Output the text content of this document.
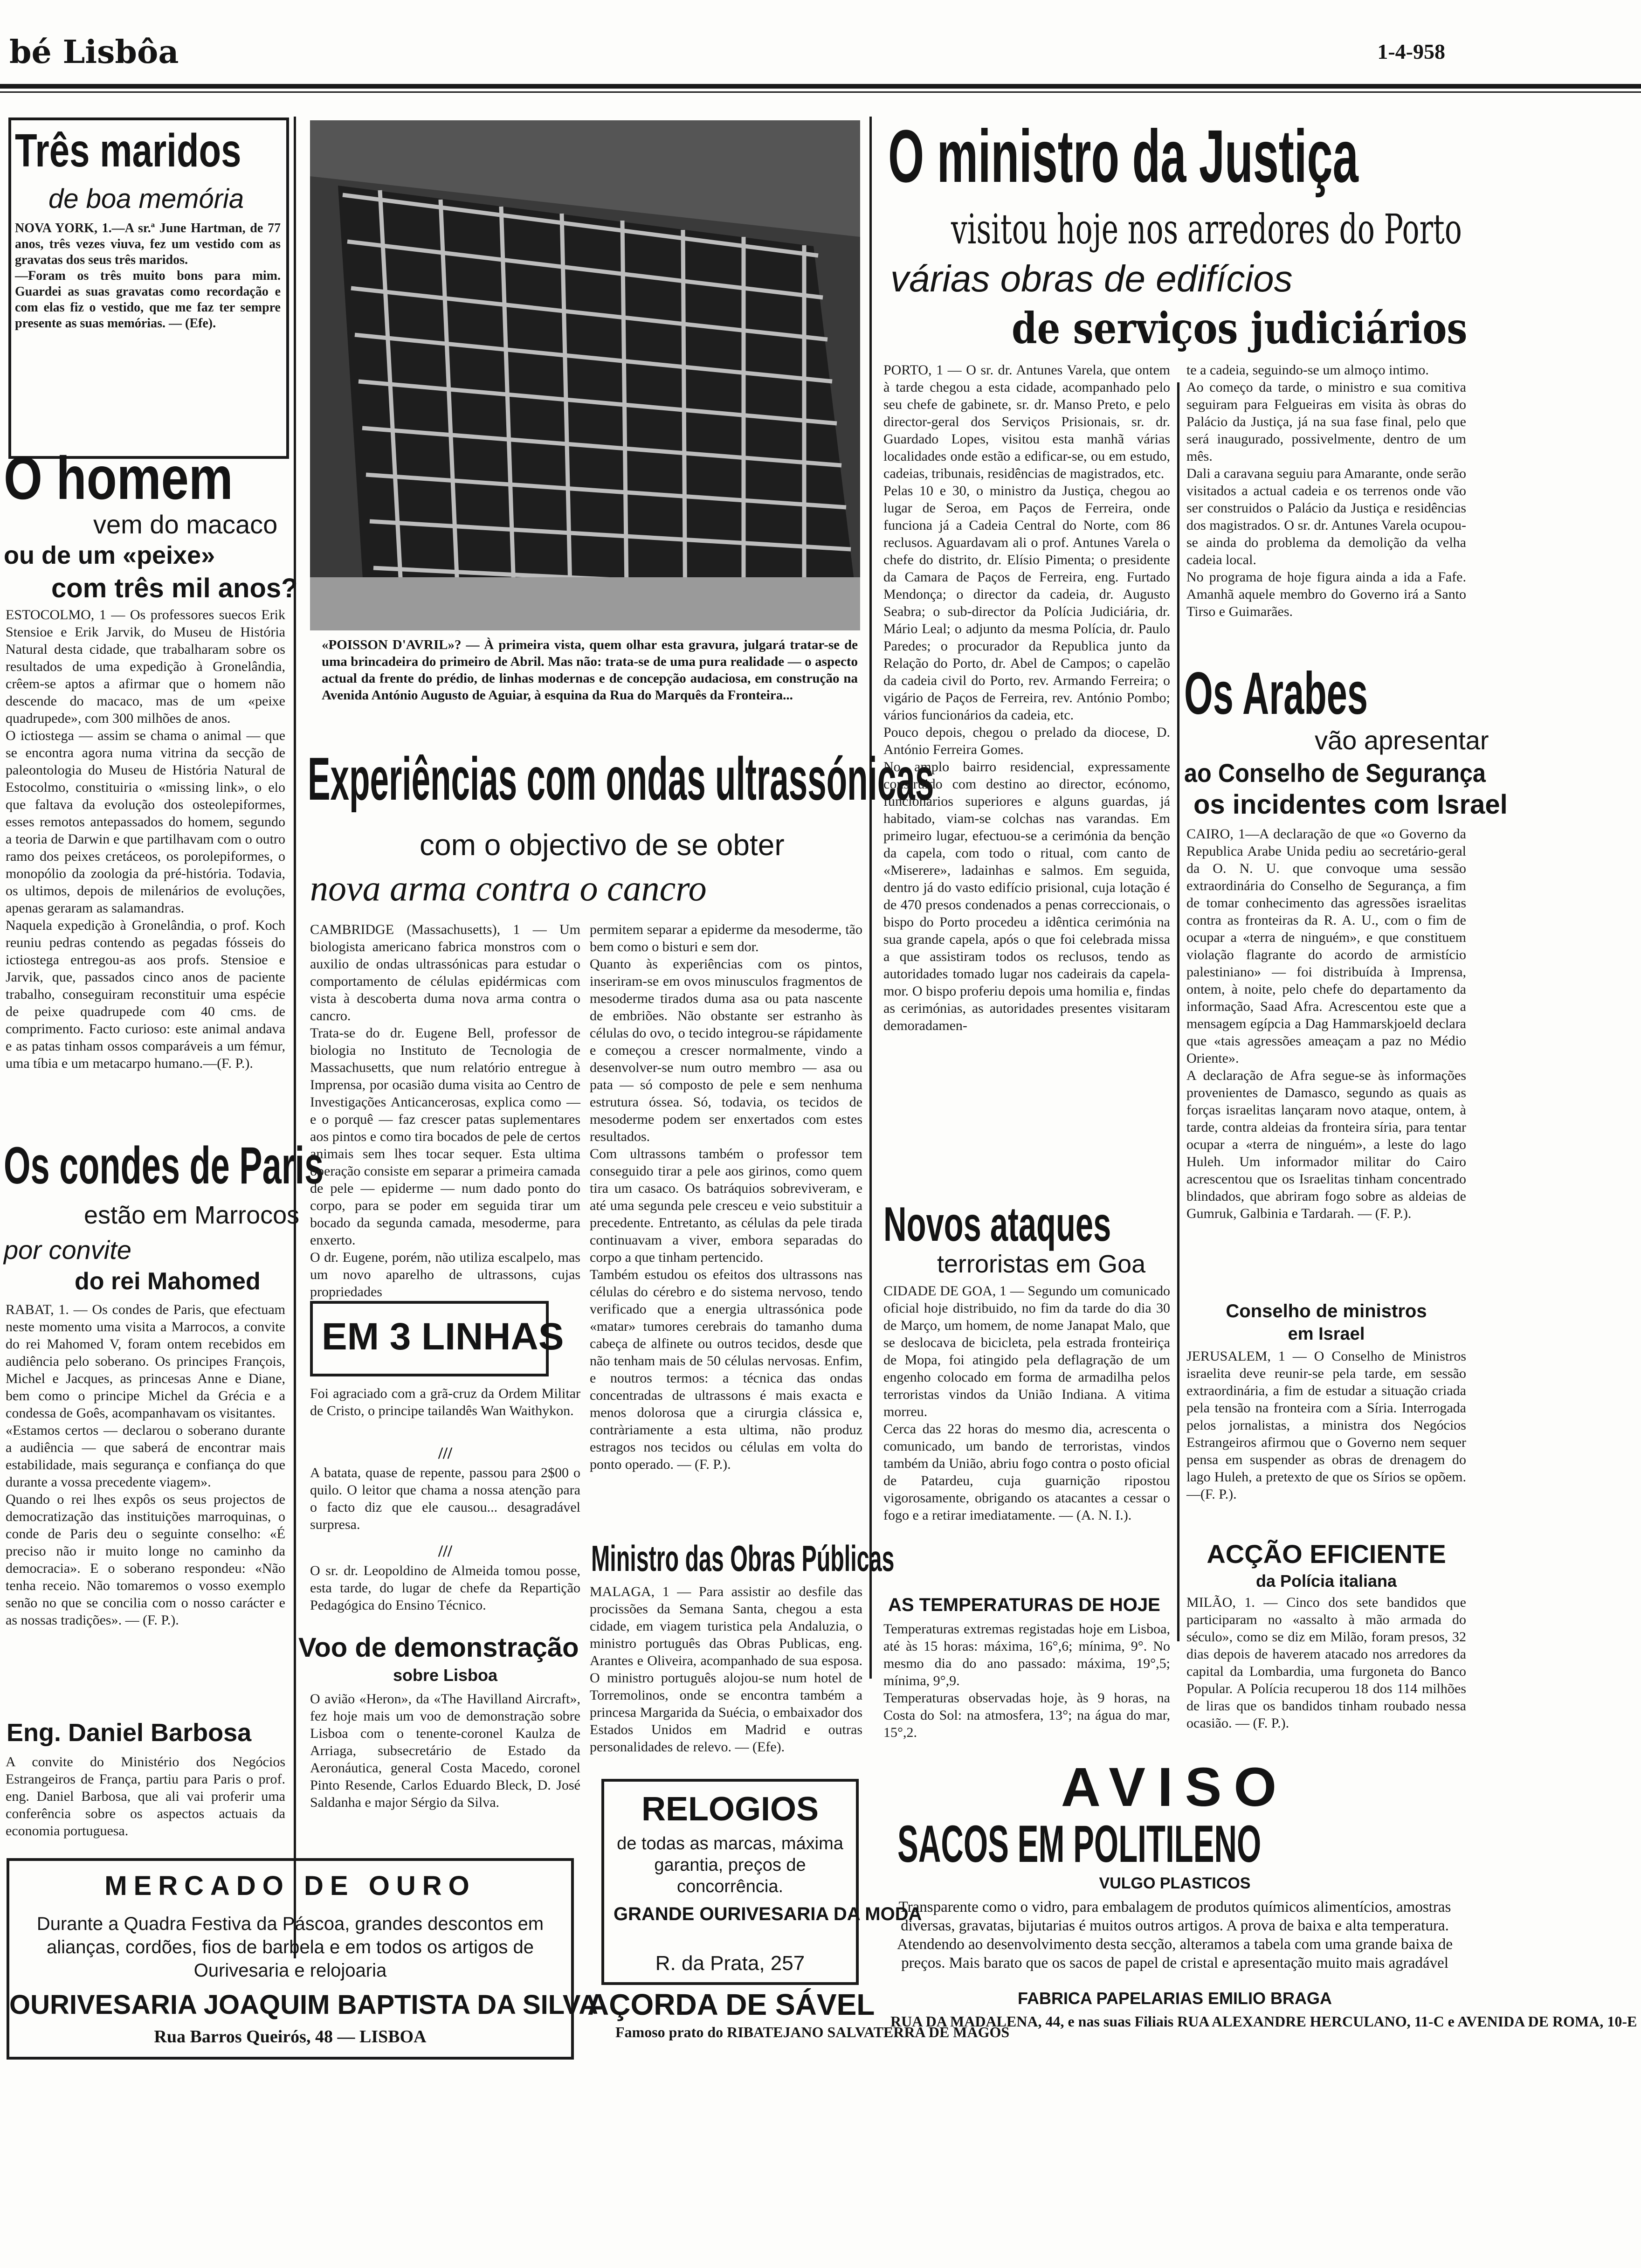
bé Lisbôa	1-4-958
Três maridos
de boa memória
NOVA YORK, 1.—A sr.ª June Hartman, de 77 anos, três vezes viuva, fez um vestido com as gravatas dos seus três maridos.
—Foram os três muito bons para mim. Guardei as suas gravatas como recordação e com elas fiz o vestido, que me faz ter sempre presente as suas memórias. — (Efe).
O homem
vem do macaco
ou de um «peixe»
com três mil anos?
ESTOCOLMO, 1 — Os professores suecos Erik Stensioe e Erik Jarvik, do Museu de História Natural desta cidade, que trabalharam sobre os resultados de uma expedição à Gronelândia, crêem-se aptos a afirmar que o homem não descende do macaco, mas de um «peixe quadrupede», com 300 milhões de anos.
O ictiostega — assim se chama o animal — que se encontra agora numa vitrina da secção de paleontologia do Museu de História Natural de Estocolmo, constituiria o «missing link», o elo que faltava da evolução dos osteolepiformes, esses remotos antepassados do homem, segundo a teoria de Darwin e que partilhavam com o outro ramo dos peixes cretáceos, os porolepiformes, o monopólio da zoologia da pré-história. Todavia, os ultimos, depois de milenários de evoluções, apenas geraram as salamandras.
Naquela expedição à Gronelândia, o prof. Koch reuniu pedras contendo as pegadas fósseis do ictiostega entregou-as aos profs. Stensioe e Jarvik, que, passados cinco anos de paciente trabalho, conseguiram reconstituir uma espécie de peixe quadrupede com 40 cms. de comprimento. Facto curioso: este animal andava e as patas tinham ossos comparáveis a um fémur, uma tíbia e um metacarpo humano.—(F. P.).
Os condes de Paris
estão em Marrocos
por convite
do rei Mahomed
RABAT, 1. — Os condes de Paris, que efectuam neste momento uma visita a Marrocos, a convite do rei Mahomed V, foram ontem recebidos em audiência pelo soberano. Os principes François, Michel e Jacques, as princesas Anne e Diane, bem como o principe Michel da Grécia e a condessa de Goês, acompanhavam os visitantes.
«Estamos certos — declarou o soberano durante a audiência — que saberá de encontrar mais estabilidade, mais segurança e confiança do que durante a vossa precedente viagem».
Quando o rei lhes expôs os seus projectos de democratização das instituições marroquinas, o conde de Paris deu o seguinte conselho: «É preciso não ir muito longe no caminho da democracia». E o soberano respondeu: «Não tenha receio. Não tomaremos o vosso exemplo senão no que se concilia com o nosso carácter e as nossas tradições». — (F. P.).
Eng. Daniel Barbosa
A convite do Ministério dos Negócios Estrangeiros de França, partiu para Paris o prof. eng. Daniel Barbosa, que ali vai proferir uma conferência sobre os aspectos actuais da economia portuguesa.
«POISSON D'AVRIL»? — À primeira vista, quem olhar esta gravura, julgará tratar-se de uma brincadeira do primeiro de Abril. Mas não: trata-se de uma pura realidade — o aspecto actual da frente do prédio, de linhas modernas e de concepção audaciosa, em construção na Avenida António Augusto de Aguiar, à esquina da Rua do Marquês da Fronteira...
Experiências com ondas ultrassónicas
com o objectivo de se obter
nova arma contra o cancro
CAMBRIDGE (Massachusetts), 1 — Um biologista americano fabrica monstros com o auxilio de ondas ultrassónicas para estudar o comportamento de células epidérmicas com vista à descoberta duma nova arma contra o cancro.
Trata-se do dr. Eugene Bell, professor de biologia no Instituto de Tecnologia de Massachusetts, que num relatório entregue à Imprensa, por ocasião duma visita ao Centro de Investigações Anticancerosas, explica como — e o porquê — faz crescer patas suplementares aos pintos e como tira bocados de pele de certos animais sem lhes tocar sequer. Esta ultima operação consiste em separar a primeira camada de pele — epiderme — num dado ponto do corpo, para se poder em seguida tirar um bocado da segunda camada, mesoderme, para enxerto.
O dr. Eugene, porém, não utiliza escalpelo, mas um novo aparelho de ultrassons, cujas propriedades
permitem separar a epiderme da mesoderme, tão bem como o bisturi e sem dor.
Quanto às experiências com os pintos, inseriram-se em ovos minusculos fragmentos de mesoderme tirados duma asa ou pata nascente de embriões. Não obstante ser estranho às células do ovo, o tecido integrou-se rápidamente e começou a crescer normalmente, vindo a desenvolver-se num outro membro — asa ou pata — só composto de pele e sem nenhuma estrutura óssea. Só, todavia, os tecidos de mesoderme podem ser enxertados com estes resultados.
Com ultrassons também o professor tem conseguido tirar a pele aos girinos, como quem tira um casaco. Os batráquios sobreviveram, e até uma segunda pele cresceu e veio substituir a precedente. Entretanto, as células da pele tirada continuavam a viver, embora separadas do corpo a que tinham pertencido.
Também estudou os efeitos dos ultrassons nas células do cérebro e do sistema nervoso, tendo verificado que a energia ultrassónica pode «matar» tumores cerebrais do tamanho duma cabeça de alfinete ou outros tecidos, desde que não tenham mais de 50 células nervosas. Enfim, e noutros termos: a técnica das ondas concentradas de ultrassons é mais exacta e menos dolorosa que a cirurgia clássica e, contràriamente a esta ultima, não produz estragos nos tecidos ou células em volta do ponto operado. — (F. P.).
EM 3 LINHAS
Foi agraciado com a grã-cruz da Ordem Militar de Cristo, o principe tailandês Wan Waithykon.
///
A batata, quase de repente, passou para 2$00 o quilo. O leitor que chama a nossa atenção para o facto diz que ele causou... desagradável surpresa.
///
O sr. dr. Leopoldino de Almeida tomou posse, esta tarde, do lugar de chefe da Repartição Pedagógica do Ensino Técnico.
Voo de demonstração
sobre Lisboa
O avião «Heron», da «The Havilland Aircraft», fez hoje mais um voo de demonstração sobre Lisboa com o tenente-coronel Kaulza de Arriaga, subsecretário de Estado da Aeronáutica, general Costa Macedo, coronel Pinto Resende, Carlos Eduardo Bleck, D. José Saldanha e major Sérgio da Silva.
Ministro das Obras Públicas
MALAGA, 1 — Para assistir ao desfile das procissões da Semana Santa, chegou a esta cidade, em viagem turistica pela Andaluzia, o ministro português das Obras Publicas, eng. Arantes e Oliveira, acompanhado de sua esposa. O ministro português alojou-se num hotel de Torremolinos, onde se encontra também a princesa Margarida da Suécia, o embaixador dos Estados Unidos em Madrid e outras personalidades de relevo. — (Efe).
O ministro da Justiça
visitou hoje nos arredores do Porto
várias obras de edifícios
de serviços judiciários
PORTO, 1 — O sr. dr. Antunes Varela, que ontem à tarde chegou a esta cidade, acompanhado pelo seu chefe de gabinete, sr. dr. Manso Preto, e pelo director-geral dos Serviços Prisionais, sr. dr. Guardado Lopes, visitou esta manhã várias localidades onde estão a edificar-se, ou em estudo, cadeias, tribunais, residências de magistrados, etc.
Pelas 10 e 30, o ministro da Justiça, chegou ao lugar de Seroa, em Paços de Ferreira, onde funciona já a Cadeia Central do Norte, com 86 reclusos. Aguardavam ali o prof. Antunes Varela o chefe do distrito, dr. Elísio Pimenta; o presidente da Camara de Paços de Ferreira, eng. Furtado Mendonça; o director da cadeia, dr. Augusto Seabra; o sub-director da Polícia Judiciária, dr. Mário Leal; o adjunto da mesma Polícia, dr. Paulo Paredes; o procurador da Republica junto da Relação do Porto, dr. Abel de Campos; o capelão da cadeia civil do Porto, rev. Armando Ferreira; o vigário de Paços de Ferreira, rev. António Pombo; vários funcionários da cadeia, etc.
Pouco depois, chegou o prelado da diocese, D. António Ferreira Gomes.
No amplo bairro residencial, expressamente construido com destino ao director, ecónomo, funcionários superiores e alguns guardas, já habitado, viam-se colchas nas varandas. Em primeiro lugar, efectuou-se a cerimónia da benção da capela, com todo o ritual, com canto de «Miserere», ladainhas e salmos. Em seguida, dentro já do vasto edifício prisional, cuja lotação é de 470 presos condenados a penas correccionais, o bispo do Porto procedeu a idêntica cerimónia na sua grande capela, após o que foi celebrada missa a que assistiram todos os reclusos, tendo as autoridades tomado lugar nos cadeirais da capela-mor. O bispo proferiu depois uma homilia e, findas as cerimónias, as autoridades presentes visitaram demoradamen-
te a cadeia, seguindo-se um almoço intimo.
Ao começo da tarde, o ministro e sua comitiva seguiram para Felgueiras em visita às obras do Palácio da Justiça, já na sua fase final, pelo que será inaugurado, possivelmente, dentro de um mês.
Dali a caravana seguiu para Amarante, onde serão visitados a actual cadeia e os terrenos onde vão ser construidos o Palácio da Justiça e residências dos magistrados. O sr. dr. Antunes Varela ocupou-se ainda do problema da demolição da velha cadeia local.
No programa de hoje figura ainda a ida a Fafe. Amanhã aquele membro do Governo irá a Santo Tirso e Guimarães.
Os Arabes
vão apresentar
ao Conselho de Segurança
os incidentes com Israel
CAIRO, 1—A declaração de que «o Governo da Republica Arabe Unida pediu ao secretário-geral da O. N. U. que convoque uma sessão extraordinária do Conselho de Segurança, a fim de tomar conhecimento das agressões israelitas contra as fronteiras da R. A. U., com o fim de ocupar a «terra de ninguém», e que constituem violação flagrante do acordo de armistício palestiniano» — foi distribuída à Imprensa, ontem, à noite, pelo chefe do departamento da informação, Saad Afra. Acrescentou este que a mensagem egípcia a Dag Hammarskjoeld declara que «tais agressões ameaçam a paz no Médio Oriente».
A declaração de Afra segue-se às informações provenientes de Damasco, segundo as quais as forças israelitas lançaram novo ataque, ontem, à tarde, contra aldeias da fronteira síria, para tentar ocupar a «terra de ninguém», a leste do lago Huleh. Um informador militar do Cairo acrescentou que os Israelitas tinham concentrado blindados, que abriram fogo sobre as aldeias de Gumruk, Galbinia e Tardarah. — (F. P.).
Conselho de ministros
em Israel
JERUSALEM, 1 — O Conselho de Ministros israelita deve reunir-se pela tarde, em sessão extraordinária, a fim de estudar a situação criada pela tensão na fronteira com a Síria. Interrogada pelos jornalistas, a ministra dos Negócios Estrangeiros afirmou que o Governo nem sequer pensa em suspender as obras de drenagem do lago Huleh, a pretexto de que os Sírios se opõem.—(F. P.).
ACÇÃO EFICIENTE
da Polícia italiana
MILÃO, 1. — Cinco dos sete bandidos que participaram no «assalto à mão armada do século», como se diz em Milão, foram presos, 32 dias depois de haverem atacado nos arredores da capital da Lombardia, uma furgoneta do Banco Popular. A Polícia recuperou 18 dos 114 milhões de liras que os bandidos tinham roubado nessa ocasião. — (F. P.).
Novos ataques
terroristas em Goa
CIDADE DE GOA, 1 — Segundo um comunicado oficial hoje distribuido, no fim da tarde do dia 30 de Março, um homem, de nome Janapat Malo, que se deslocava de bicicleta, pela estrada fronteiriça de Mopa, foi atingido pela deflagração de um engenho colocado em forma de armadilha pelos terroristas vindos da União Indiana. A vitima morreu.
Cerca das 22 horas do mesmo dia, acrescenta o comunicado, um bando de terroristas, vindos também da União, abriu fogo contra o posto oficial de Patardeu, cuja guarnição ripostou vigorosamente, obrigando os atacantes a cessar o fogo e a retirar imediatamente. — (A. N. I.).
AS TEMPERATURAS DE HOJE
Temperaturas extremas registadas hoje em Lisboa, até às 15 horas: máxima, 16°,6; mínima, 9°. No mesmo dia do ano passado: máxima, 19°,5; mínima, 9°,9.
Temperaturas observadas hoje, às 9 horas, na Costa do Sol: na atmosfera, 13°; na água do mar, 15°,2.
MERCADO DE OURO
Durante a Quadra Festiva da Páscoa, grandes descontos em alianças, cordões, fios de barbela e em todos os artigos de Ourivesaria e relojoaria
OURIVESARIA JOAQUIM BAPTISTA DA SILVA
Rua Barros Queirós, 48 — LISBOA
RELOGIOS
de todas as marcas, máxima garantia, preços de concorrência.
GRANDE OURIVESARIA DA MODA
R. da Prata, 257
AÇORDA DE SÁVEL
Famoso prato do RIBATEJANO SALVATERRA DE MAGOS
AVISO
SACOS EM POLITILENO
VULGO PLASTICOS
Transparente como o vidro, para embalagem de produtos químicos alimentícios, amostras diversas, gravatas, bijutarias é muitos outros artigos. A prova de baixa e alta temperatura. Atendendo ao desenvolvimento desta secção, alteramos a tabela com uma grande baixa de preços. Mais barato que os sacos de papel de cristal e apresentação muito mais agradável
FABRICA PAPELARIAS EMILIO BRAGA
RUA DA MADALENA, 44, e nas suas Filiais RUA ALEXANDRE HERCULANO, 11-C e AVENIDA DE ROMA, 10-E
